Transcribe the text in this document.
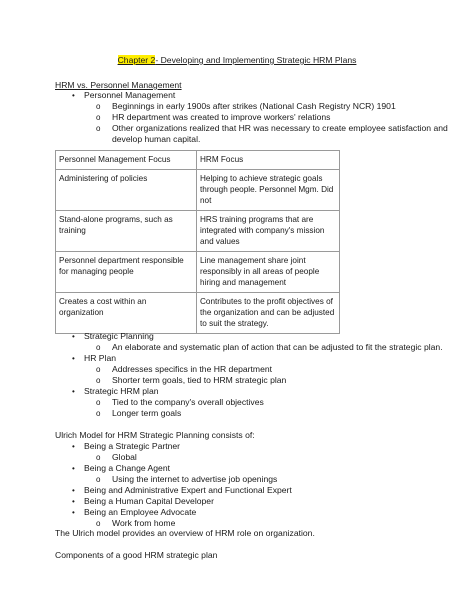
Chapter 2- Developing and Implementing Strategic HRM Plans
HRM vs. Personnel Management
• Personnel Management
o Beginnings in early 1900s after strikes (National Cash Registry NCR) 1901
o HR department was created to improve workers' relations
o Other organizations realized that HR was necessary to create employee satisfaction and
develop human capital.
Personnel Management Focus	HRM Focus
Administering of policies	Helping to achieve strategic goals through people. Personnel Mgm. Did not
Stand-alone programs, such as training	HRS training programs that are integrated with company's mission and values
Personnel department responsible for managing people	Line management share joint responsibly in all areas of people hiring and management
Creates a cost within an organization	Contributes to the profit objectives of the organization and can be adjusted to suit the strategy.
• Strategic Planning
o An elaborate and systematic plan of action that can be adjusted to fit the strategic plan.
• HR Plan
o Addresses specifics in the HR department
o Shorter term goals, tied to HRM strategic plan
• Strategic HRM plan
o Tied to the company's overall objectives
o Longer term goals
Ulrich Model for HRM Strategic Planning consists of:
• Being a Strategic Partner
o Global
• Being a Change Agent
o Using the internet to advertise job openings
• Being and Administrative Expert and Functional Expert
• Being a Human Capital Developer
• Being an Employee Advocate
o Work from home
The Ulrich model provides an overview of HRM role on organization.
Components of a good HRM strategic plan
